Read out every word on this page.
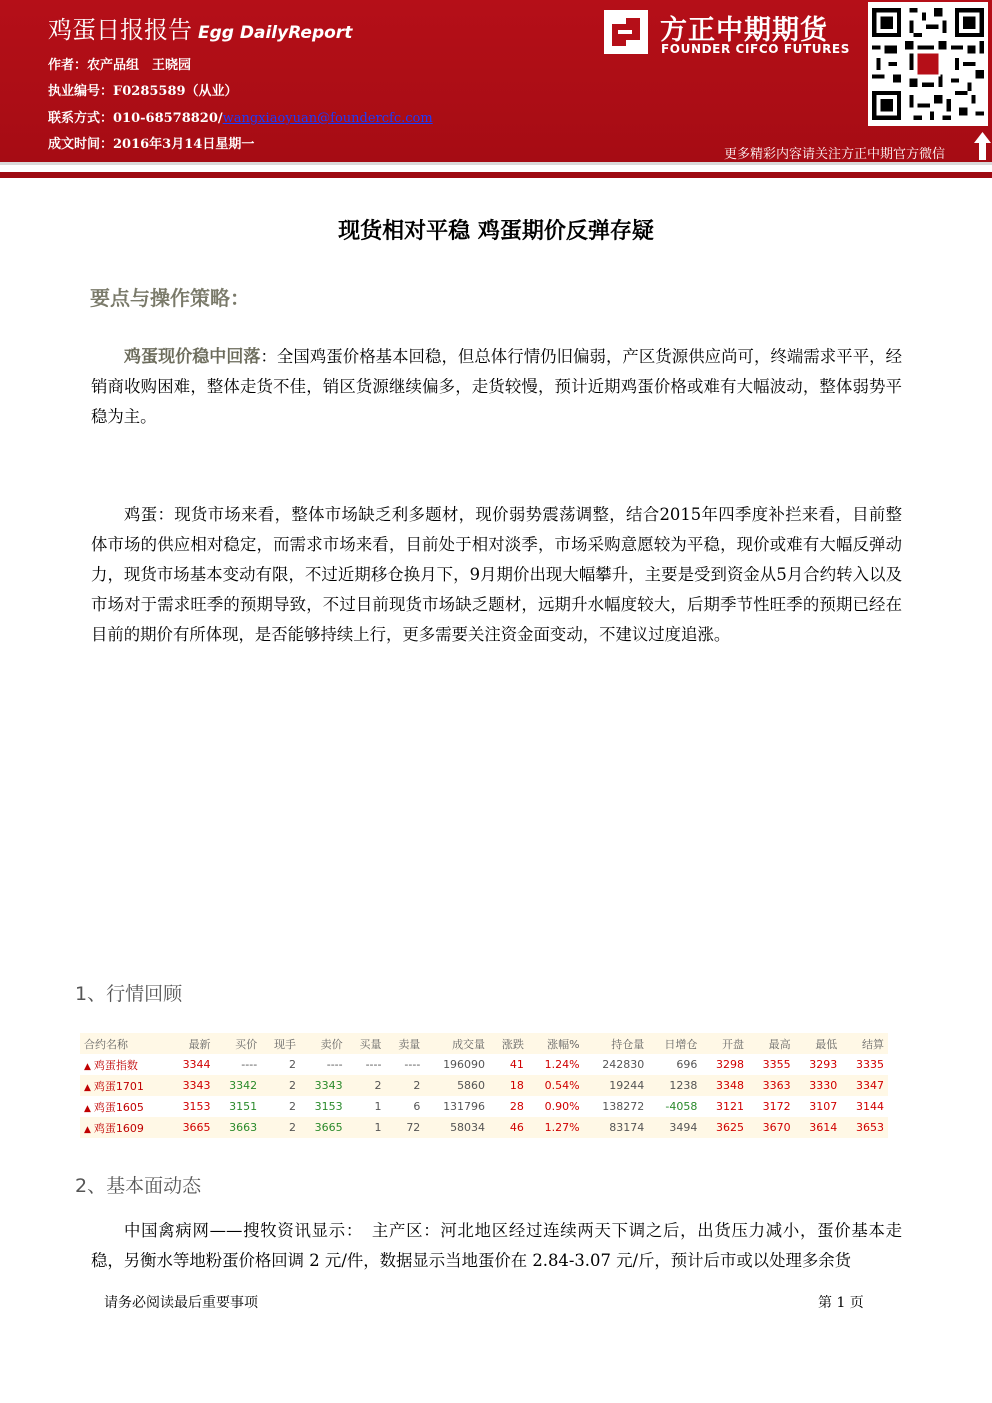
鸡蛋日报报告 Egg DailyReport
作者：农产品组　王晓园
执业编号：F0285589（从业）
联系方式：010-68578820/wangxiaoyuan@foundercfc.com
成文时间：2016年3月14日星期一
方正中期期货
FOUNDER CIFCO FUTURES
更多精彩内容请关注方正中期官方微信
现货相对平稳 鸡蛋期价反弹存疑
要点与操作策略：
鸡蛋现价稳中回落：全国鸡蛋价格基本回稳，但总体行情仍旧偏弱，产区货源供应尚可，终端需求平平，经销商收购困难，整体走货不佳，销区货源继续偏多，走货较慢，预计近期鸡蛋价格或难有大幅波动，整体弱势平稳为主。
鸡蛋：现货市场来看，整体市场缺乏利多题材，现价弱势震荡调整，结合2015年四季度补拦来看，目前整体市场的供应相对稳定，而需求市场来看，目前处于相对淡季，市场采购意愿较为平稳，现价或难有大幅反弹动力，现货市场基本变动有限，不过近期移仓换月下，9月期价出现大幅攀升，主要是受到资金从5月合约转入以及市场对于需求旺季的预期导致，不过目前现货市场缺乏题材，远期升水幅度较大，后期季节性旺季的预期已经在目前的期价有所体现，是否能够持续上行，更多需要关注资金面变动，不建议过度追涨。
1、行情回顾
合约名称	最新	买价	现手	卖价	买量	卖量	成交量	涨跌	涨幅%	持仓量	日增仓	开盘	最高	最低	结算
▲ 鸡蛋指数	3344	----	2	----	----	----	196090	41	1.24%	242830	696	3298	3355	3293	3335
▲ 鸡蛋1701	3343	3342	2	3343	2	2	5860	18	0.54%	19244	1238	3348	3363	3330	3347
▲ 鸡蛋1605	3153	3151	2	3153	1	6	131796	28	0.90%	138272	-4058	3121	3172	3107	3144
▲ 鸡蛋1609	3665	3663	2	3665	1	72	58034	46	1.27%	83174	3494	3625	3670	3614	3653
2、基本面动态
中国禽病网——搜牧资讯显示：　主产区：河北地区经过连续两天下调之后，出货压力减小，蛋价基本走稳，另衡水等地粉蛋价格回调 2 元/件，数据显示当地蛋价在 2.84-3.07 元/斤，预计后市或以处理多余货
请务必阅读最后重要事项	第 1 页
